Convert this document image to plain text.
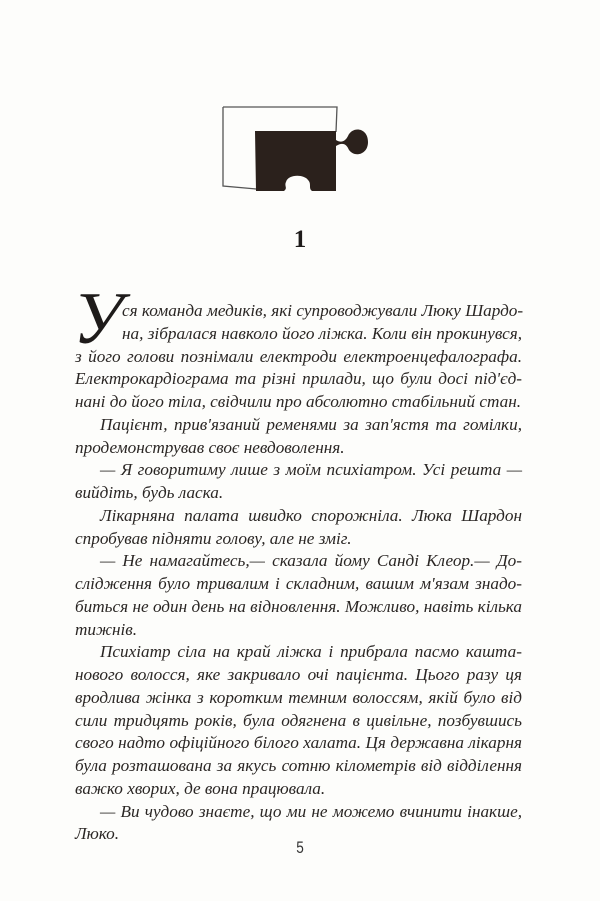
1
У ся команда медиків, які супроводжували Люку Шардо-
на, зібралася навколо його ліжка. Коли він прокинувся,
з його голови познімали електроди електроенцефалографа.
Електрокардіограма та різні прилади, що були досі під'єд-
нані до його тіла, свідчили про абсолютно стабільний стан.
Пацієнт, прив'язаний ременями за зап'ястя та гомілки,
продемонстрував своє невдоволення.
— Я говоритиму лише з моїм психіатром. Усі решта —
вийдіть, будь ласка.
Лікарняна палата швидко спорожніла. Люка Шардон
спробував підняти голову, але не зміг.
— Не намагайтесь,— сказала йому Санді Клеор.— До-
слідження було тривалим і складним, вашим м'язам знадо-
биться не один день на відновлення. Можливо, навіть кілька
тижнів.
Психіатр сіла на край ліжка і прибрала пасмо кашта-
нового волосся, яке закривало очі пацієнта. Цього разу ця
вродлива жінка з коротким темним волоссям, якій було від
сили тридцять років, була одягнена в цивільне, позбувшись
свого надто офіційного білого халата. Ця державна лікарня
була розташована за якусь сотню кілометрів від відділення
важко хворих, де вона працювала.
— Ви чудово знаєте, що ми не можемо вчинити інакше,
Люко.
5
